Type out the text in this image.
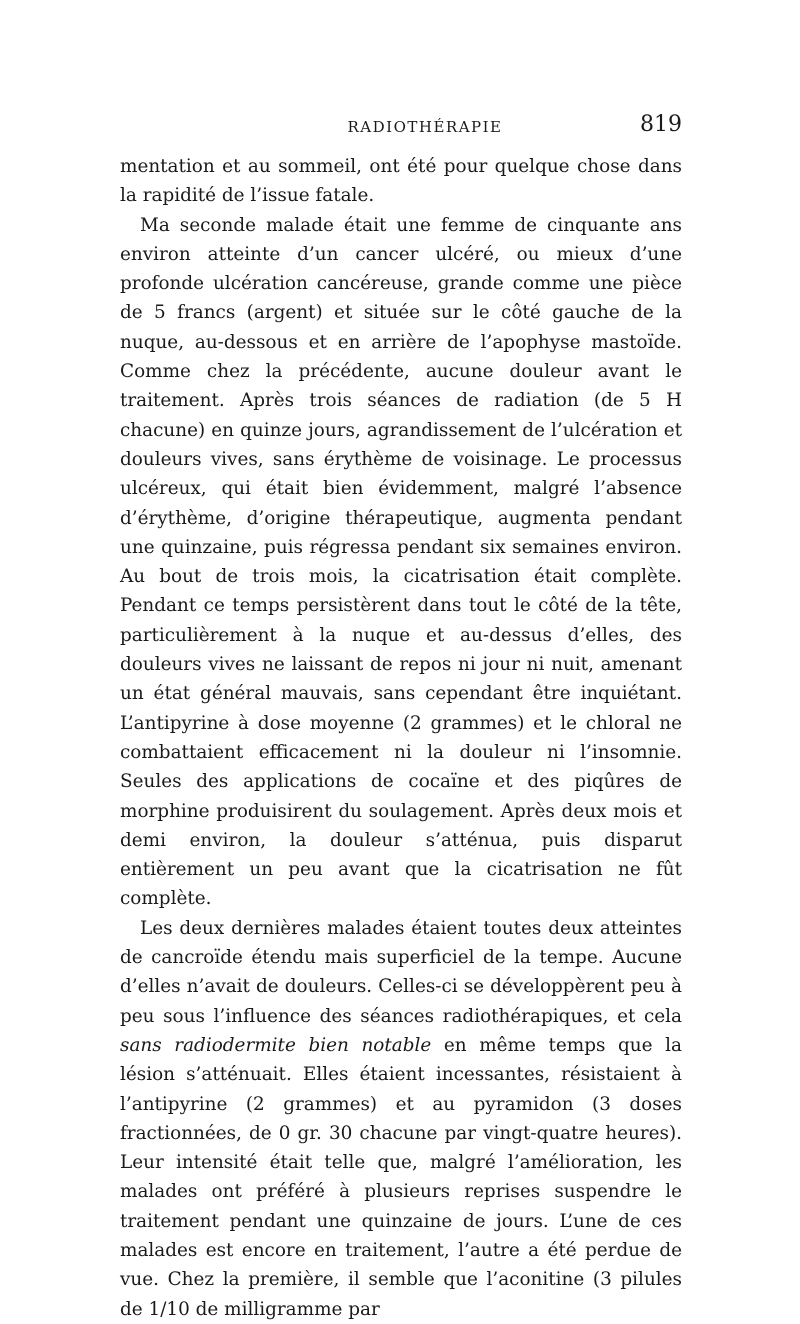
RADIOTHÉRAPIE	819

mentation et au sommeil, ont été pour quelque chose dans la rapidité de l’issue fatale.

Ma seconde malade était une femme de cinquante ans environ atteinte d’un cancer ulcéré, ou mieux d’une profonde ulcération cancéreuse, grande comme une pièce de 5 francs (argent) et située sur le côté gauche de la nuque, au-dessous et en arrière de l’apophyse mastoïde. Comme chez la précédente, aucune douleur avant le traitement. Après trois séances de radiation (de 5 H chacune) en quinze jours, agrandissement de l’ulcération et douleurs vives, sans érythème de voisinage. Le processus ulcéreux, qui était bien évidemment, malgré l’absence d’érythème, d’origine thérapeutique, augmenta pendant une quinzaine, puis régressa pendant six semaines environ. Au bout de trois mois, la cicatrisation était complète. Pendant ce temps persistèrent dans tout le côté de la tête, particulièrement à la nuque et au-dessus d’elles, des douleurs vives ne laissant de repos ni jour ni nuit, amenant un état général mauvais, sans cependant être inquiétant. L’antipyrine à dose moyenne (2 grammes) et le chloral ne combattaient efficacement ni la douleur ni l’insomnie. Seules des applications de cocaïne et des piqûres de morphine produisirent du soulagement. Après deux mois et demi environ, la douleur s’atténua, puis disparut entièrement un peu avant que la cicatrisation ne fût complète.

Les deux dernières malades étaient toutes deux atteintes de cancroïde étendu mais superficiel de la tempe. Aucune d’elles n’avait de douleurs. Celles-ci se développèrent peu à peu sous l’influence des séances radiothérapiques, et cela sans radiodermite bien notable en même temps que la lésion s’atténuait. Elles étaient incessantes, résistaient à l’antipyrine (2 grammes) et au pyramidon (3 doses fractionnées, de 0 gr. 30 chacune par vingt-quatre heures). Leur intensité était telle que, malgré l’amélioration, les malades ont préféré à plusieurs reprises suspendre le traitement pendant une quinzaine de jours. L’une de ces malades est encore en traitement, l’autre a été perdue de vue. Chez la première, il semble que l’aconitine (3 pilules de 1/10 de milligramme par
